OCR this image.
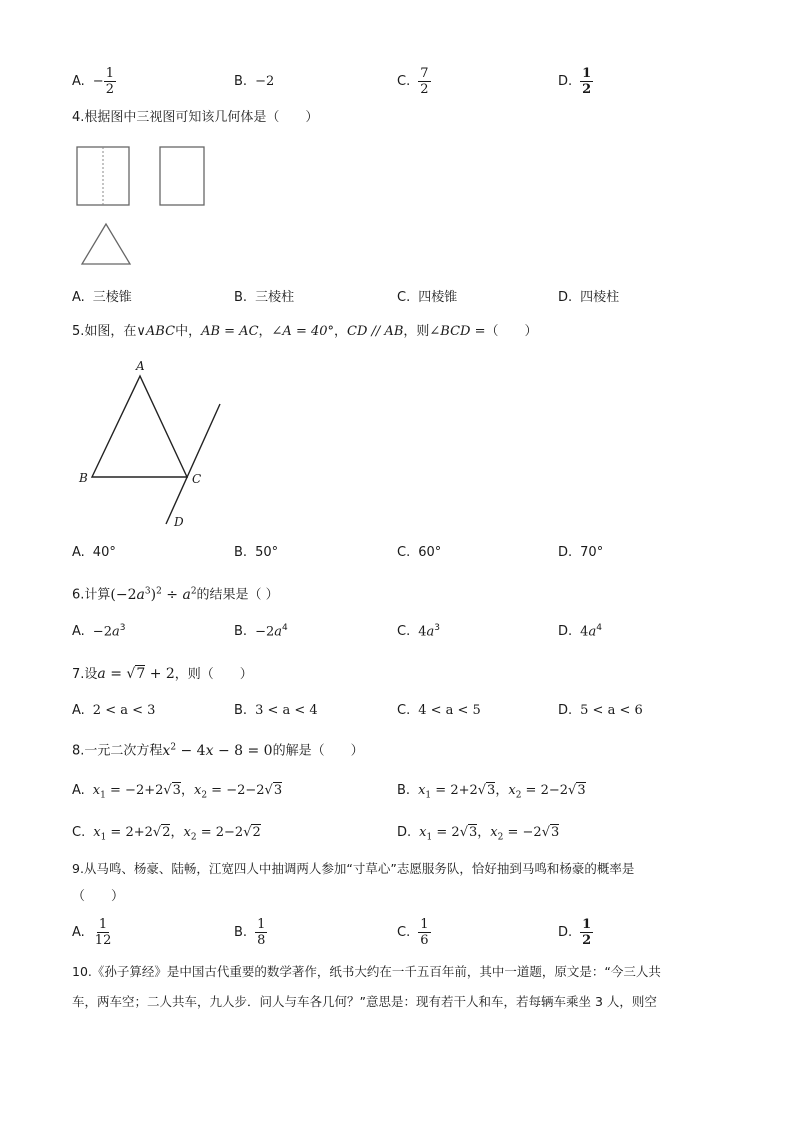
A. − $\frac{1}{2}$	B. −2	C. $\frac{7}{2}$	D. $\frac{1}{2}$
4.根据图中三视图可知该几何体是（　　）
A. 三棱锥	B. 三棱柱	C. 四棱锥	D. 四棱柱
5.如图，在∨ABC中，AB = AC，∠A = 40°，CD // AB，则∠BCD =（　　）
A
B	C
D
A. 40°	B. 50°	C. 60°	D. 70°
6.计算$(-2a^3)^2 \div a^2$的结果是（ ）
A. $-2a^3$	B. $-2a^4$	C. $4a^3$	D. $4a^4$
7.设a = √7 + 2，则（　　）
A. 2 < a < 3	B. 3 < a < 4	C. 4 < a < 5	D. 5 < a < 6
8.一元二次方程$x^2 - 4x - 8 = 0$的解是（　　）
A. $x_1 = -2+2√3$，$x_2 = -2-2√3$	B. $x_1 = 2+2√3$，$x_2 = 2-2√3$
C. $x_1 = 2+2√2$，$x_2 = 2-2√2$	D. $x_1 = 2√3$，$x_2 = -2√3$
9.从马鸣、杨豪、陆畅，江宽四人中抽调两人参加“寸草心”志愿服务队，恰好抽到马鸣和杨豪的概率是
（　　）
A. $\frac{1}{12}$	B. $\frac{1}{8}$	C. $\frac{1}{6}$	D. $\frac{1}{2}$
10.《孙子算经》是中国古代重要的数学著作，纸书大约在一千五百年前，其中一道题，原文是：“今三人共
车，两车空；二人共车，九人步．问人与车各几何？”意思是：现有若干人和车，若每辆车乘坐 3 人，则空
